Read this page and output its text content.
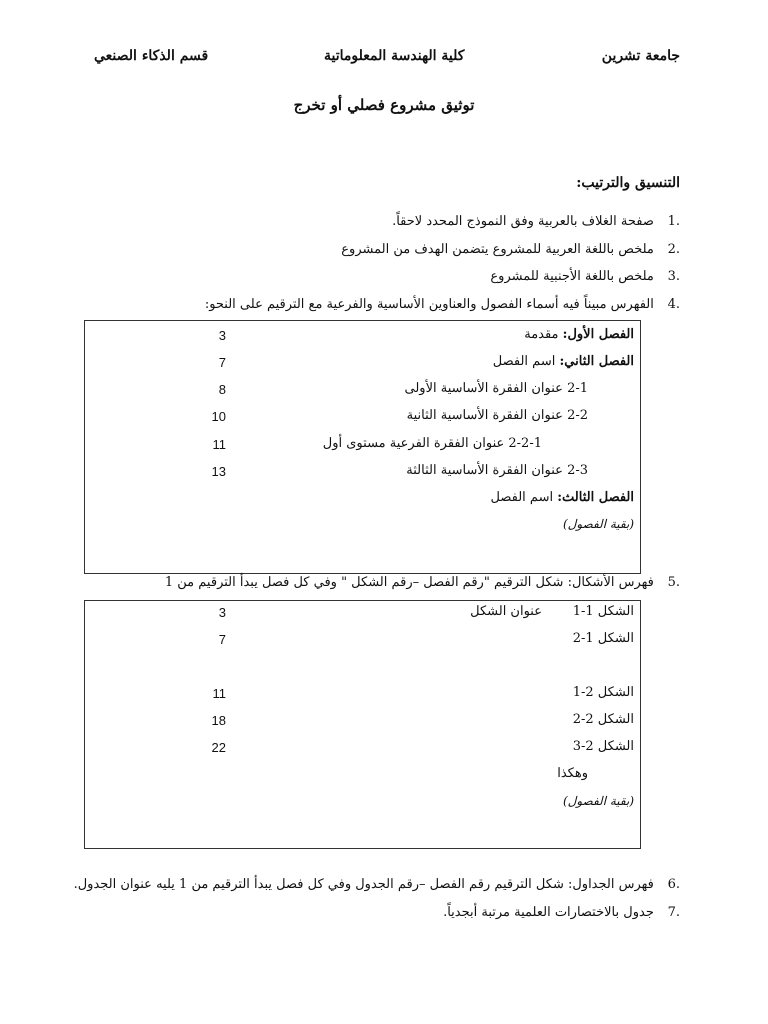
جامعة تشرين
كلية الهندسة المعلوماتية
قسم الذكاء الصنعي
توثيق مشروع فصلي أو تخرج
التنسيق والترتيب:
.1 صفحة الغلاف بالعربية وفق النموذج المحدد لاحقاً.
.2 ملخص باللغة العربية للمشروع يتضمن الهدف من المشروع
.3 ملخص باللغة الأجنبية للمشروع
.4 الفهرس مبيناً فيه أسماء الفصول والعناوين الأساسية والفرعية مع الترقيم على النحو:
الفصل الأول: مقدمة
3
الفصل الثاني: اسم الفصل
7
2-1 عنوان الفقرة الأساسية الأولى
8
2-2 عنوان الفقرة الأساسية الثانية
10
2-2-1 عنوان الفقرة الفرعية مستوى أول
11
2-3 عنوان الفقرة الأساسية الثالثة
13
الفصل الثالث: اسم الفصل
(بقية الفصول)
.5 فهرس الأشكال: شكل الترقيم "رقم الفصل –رقم الشكل " وفي كل فصل يبدأ الترقيم من 1
الشكل 1-1
عنوان الشكل
3
الشكل 1-2
7
الشكل 2-1
11
الشكل 2-2
18
الشكل 2-3
22
وهكذا
(بقية الفصول)
.6 فهرس الجداول: شكل الترقيم رقم الفصل –رقم الجدول وفي كل فصل يبدأ الترقيم من 1 يليه عنوان الجدول.
.7 جدول بالاختصارات العلمية مرتبة أبجدياً.
